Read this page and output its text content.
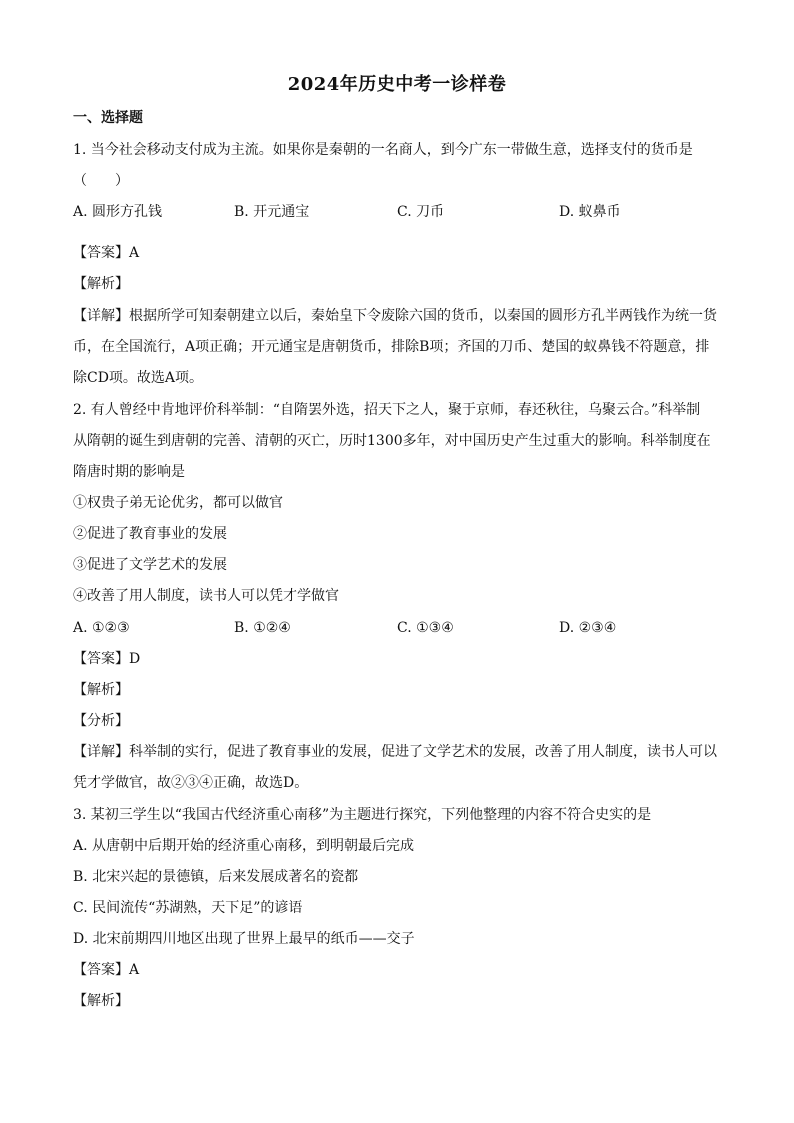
2024年历史中考一诊样卷
一、选择题
1. 当今社会移动支付成为主流。如果你是秦朝的一名商人，到今广东一带做生意，选择支付的货币是
（　　）
A. 圆形方孔钱	B. 开元通宝	C. 刀币	D. 蚁鼻币
【答案】A
【解析】
【详解】根据所学可知秦朝建立以后，秦始皇下令废除六国的货币，以秦国的圆形方孔半两钱作为统一货
币，在全国流行，A项正确；开元通宝是唐朝货币，排除B项；齐国的刀币、楚国的蚁鼻钱不符题意，排
除CD项。故选A项。
2. 有人曾经中肯地评价科举制：“自隋罢外选，招天下之人，聚于京师，春还秋往，乌聚云合。”科举制
从隋朝的诞生到唐朝的完善、清朝的灭亡，历时1300多年，对中国历史产生过重大的影响。科举制度在
隋唐时期的影响是
①权贵子弟无论优劣，都可以做官
②促进了教育事业的发展
③促进了文学艺术的发展
④改善了用人制度，读书人可以凭才学做官
A. ①②③	B. ①②④	C. ①③④	D. ②③④
【答案】D
【解析】
【分析】
【详解】科举制的实行，促进了教育事业的发展，促进了文学艺术的发展，改善了用人制度，读书人可以
凭才学做官，故②③④正确，故选D。
3. 某初三学生以“我国古代经济重心南移”为主题进行探究，下列他整理的内容不符合史实的是
A. 从唐朝中后期开始的经济重心南移，到明朝最后完成
B. 北宋兴起的景德镇，后来发展成著名的瓷都
C. 民间流传“苏湖熟，天下足”的谚语
D. 北宋前期四川地区出现了世界上最早的纸币——交子
【答案】A
【解析】
